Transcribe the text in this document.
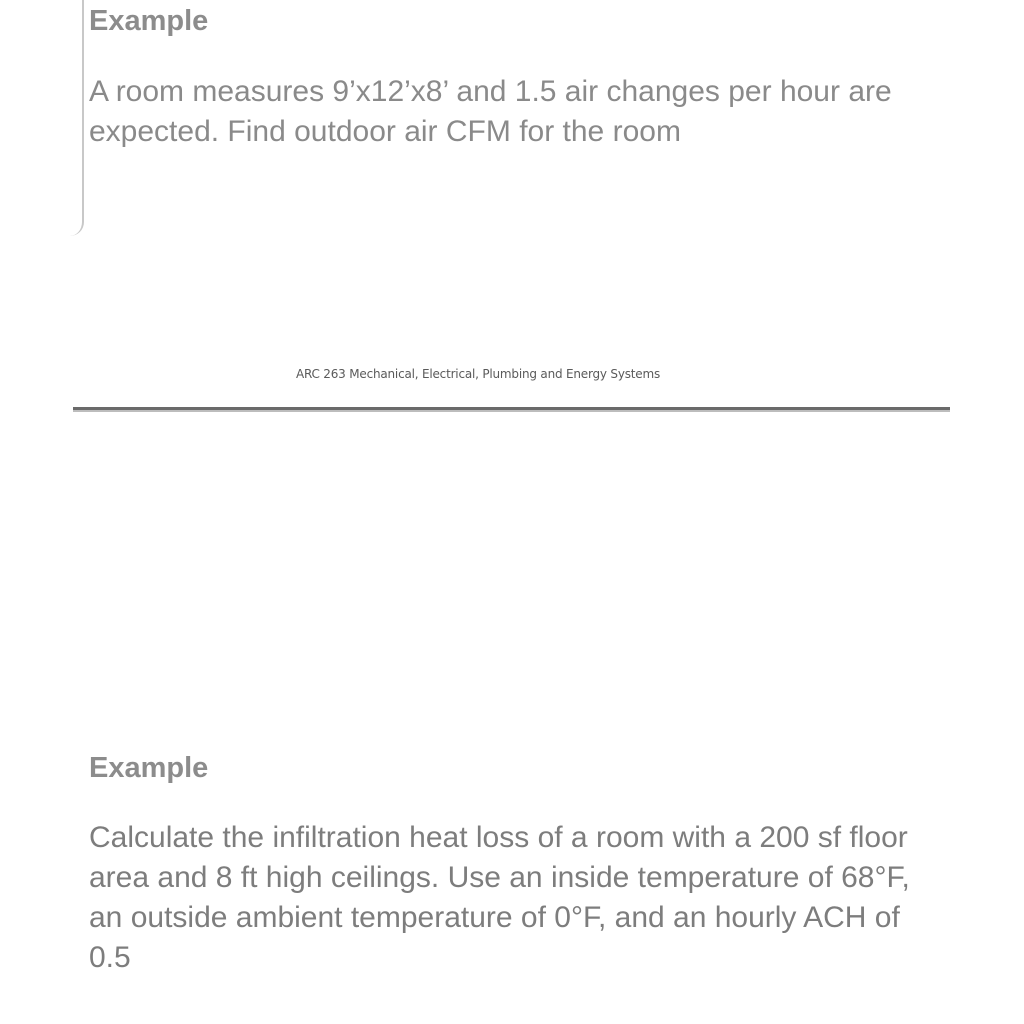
Example

A room measures 9’x12’x8’ and 1.5 air changes per hour are expected. Find outdoor air CFM for the room

ARC 263 Mechanical, Electrical, Plumbing and Energy Systems
Example

Calculate the infiltration heat loss of a room with a 200 sf floor area and 8 ft high ceilings. Use an inside temperature of 68°F, an outside ambient temperature of 0°F, and an hourly ACH of 0.5
